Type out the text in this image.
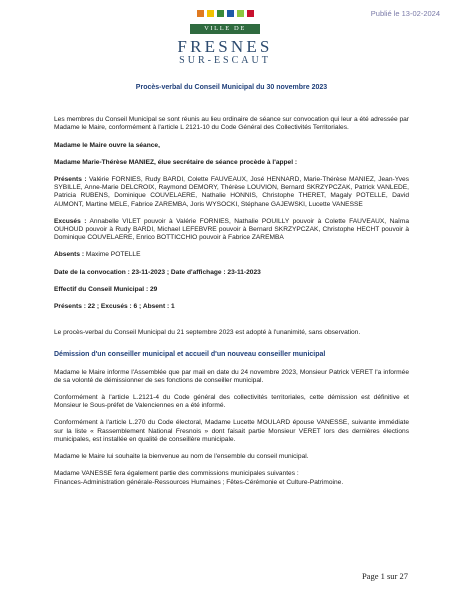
Publié le 13-02-2024
VILLE DE
FRESNES
SUR-ESCAUT
Procès-verbal du Conseil Municipal du 30 novembre 2023

Les membres du Conseil Municipal se sont réunis au lieu ordinaire de séance sur convocation qui leur a été adressée par Madame le Maire, conformément à l'article L 2121-10 du Code Général des Collectivités Territoriales.

Madame le Maire ouvre la séance,

Madame Marie-Thérèse MANIEZ, élue secrétaire de séance procède à l'appel :

Présents : Valérie FORNIES, Rudy BARDI, Colette FAUVEAUX, José HENNARD, Marie-Thérèse MANIEZ, Jean-Yves SYBILLE, Anne-Marie DELCROIX, Raymond DEMORY, Thérèse LOUVION, Bernard SKRZYPCZAK, Patrick VANLEDE, Patricia RUBENS, Dominique COUVELAERE, Nathalie HONNIS, Christophe THERET, Magaly POTELLE, David AUMONT, Martine MELE, Fabrice ZAREMBA, Joris WYSOCKI, Stéphane GAJEWSKI, Lucette VANESSE

Excusés : Annabelle VILET pouvoir à Valérie FORNIES, Nathalie POUILLY pouvoir à Colette FAUVEAUX, Naïma OUHOUD pouvoir à Rudy BARDI, Michael LEFEBVRE pouvoir à Bernard SKRZYPCZAK, Christophe HECHT pouvoir à Dominique COUVELAERE, Enrico BOTTICCHIO pouvoir à Fabrice ZAREMBA

Absents : Maxime POTELLE

Date de la convocation : 23-11-2023 ; Date d'affichage : 23-11-2023

Effectif du Conseil Municipal : 29

Présents : 22 ; Excusés : 6 ; Absent : 1

Le procès-verbal du Conseil Municipal du 21 septembre 2023 est adopté à l'unanimité, sans observation.

Démission d'un conseiller municipal et accueil d'un nouveau conseiller municipal

Madame le Maire informe l'Assemblée que par mail en date du 24 novembre 2023, Monsieur Patrick VERET l'a informée de sa volonté de démissionner de ses fonctions de conseiller municipal.

Conformément à l'article L.2121-4 du Code général des collectivités territoriales, cette démission est définitive et Monsieur le Sous-préfet de Valenciennes en a été informé.

Conformément à l'article L.270 du Code électoral, Madame Lucette MOULARD épouse VANESSE, suivante immédiate sur la liste « Rassemblement National Fresnois » dont faisait partie Monsieur VERET lors des dernières élections municipales, est installée en qualité de conseillère municipale.

Madame le Maire lui souhaite la bienvenue au nom de l'ensemble du conseil municipal.

Madame VANESSE fera également partie des commissions municipales suivantes :

Finances-Administration générale-Ressources Humaines ; Fêtes-Cérémonie et Culture-Patrimoine.

Page 1 sur 27
